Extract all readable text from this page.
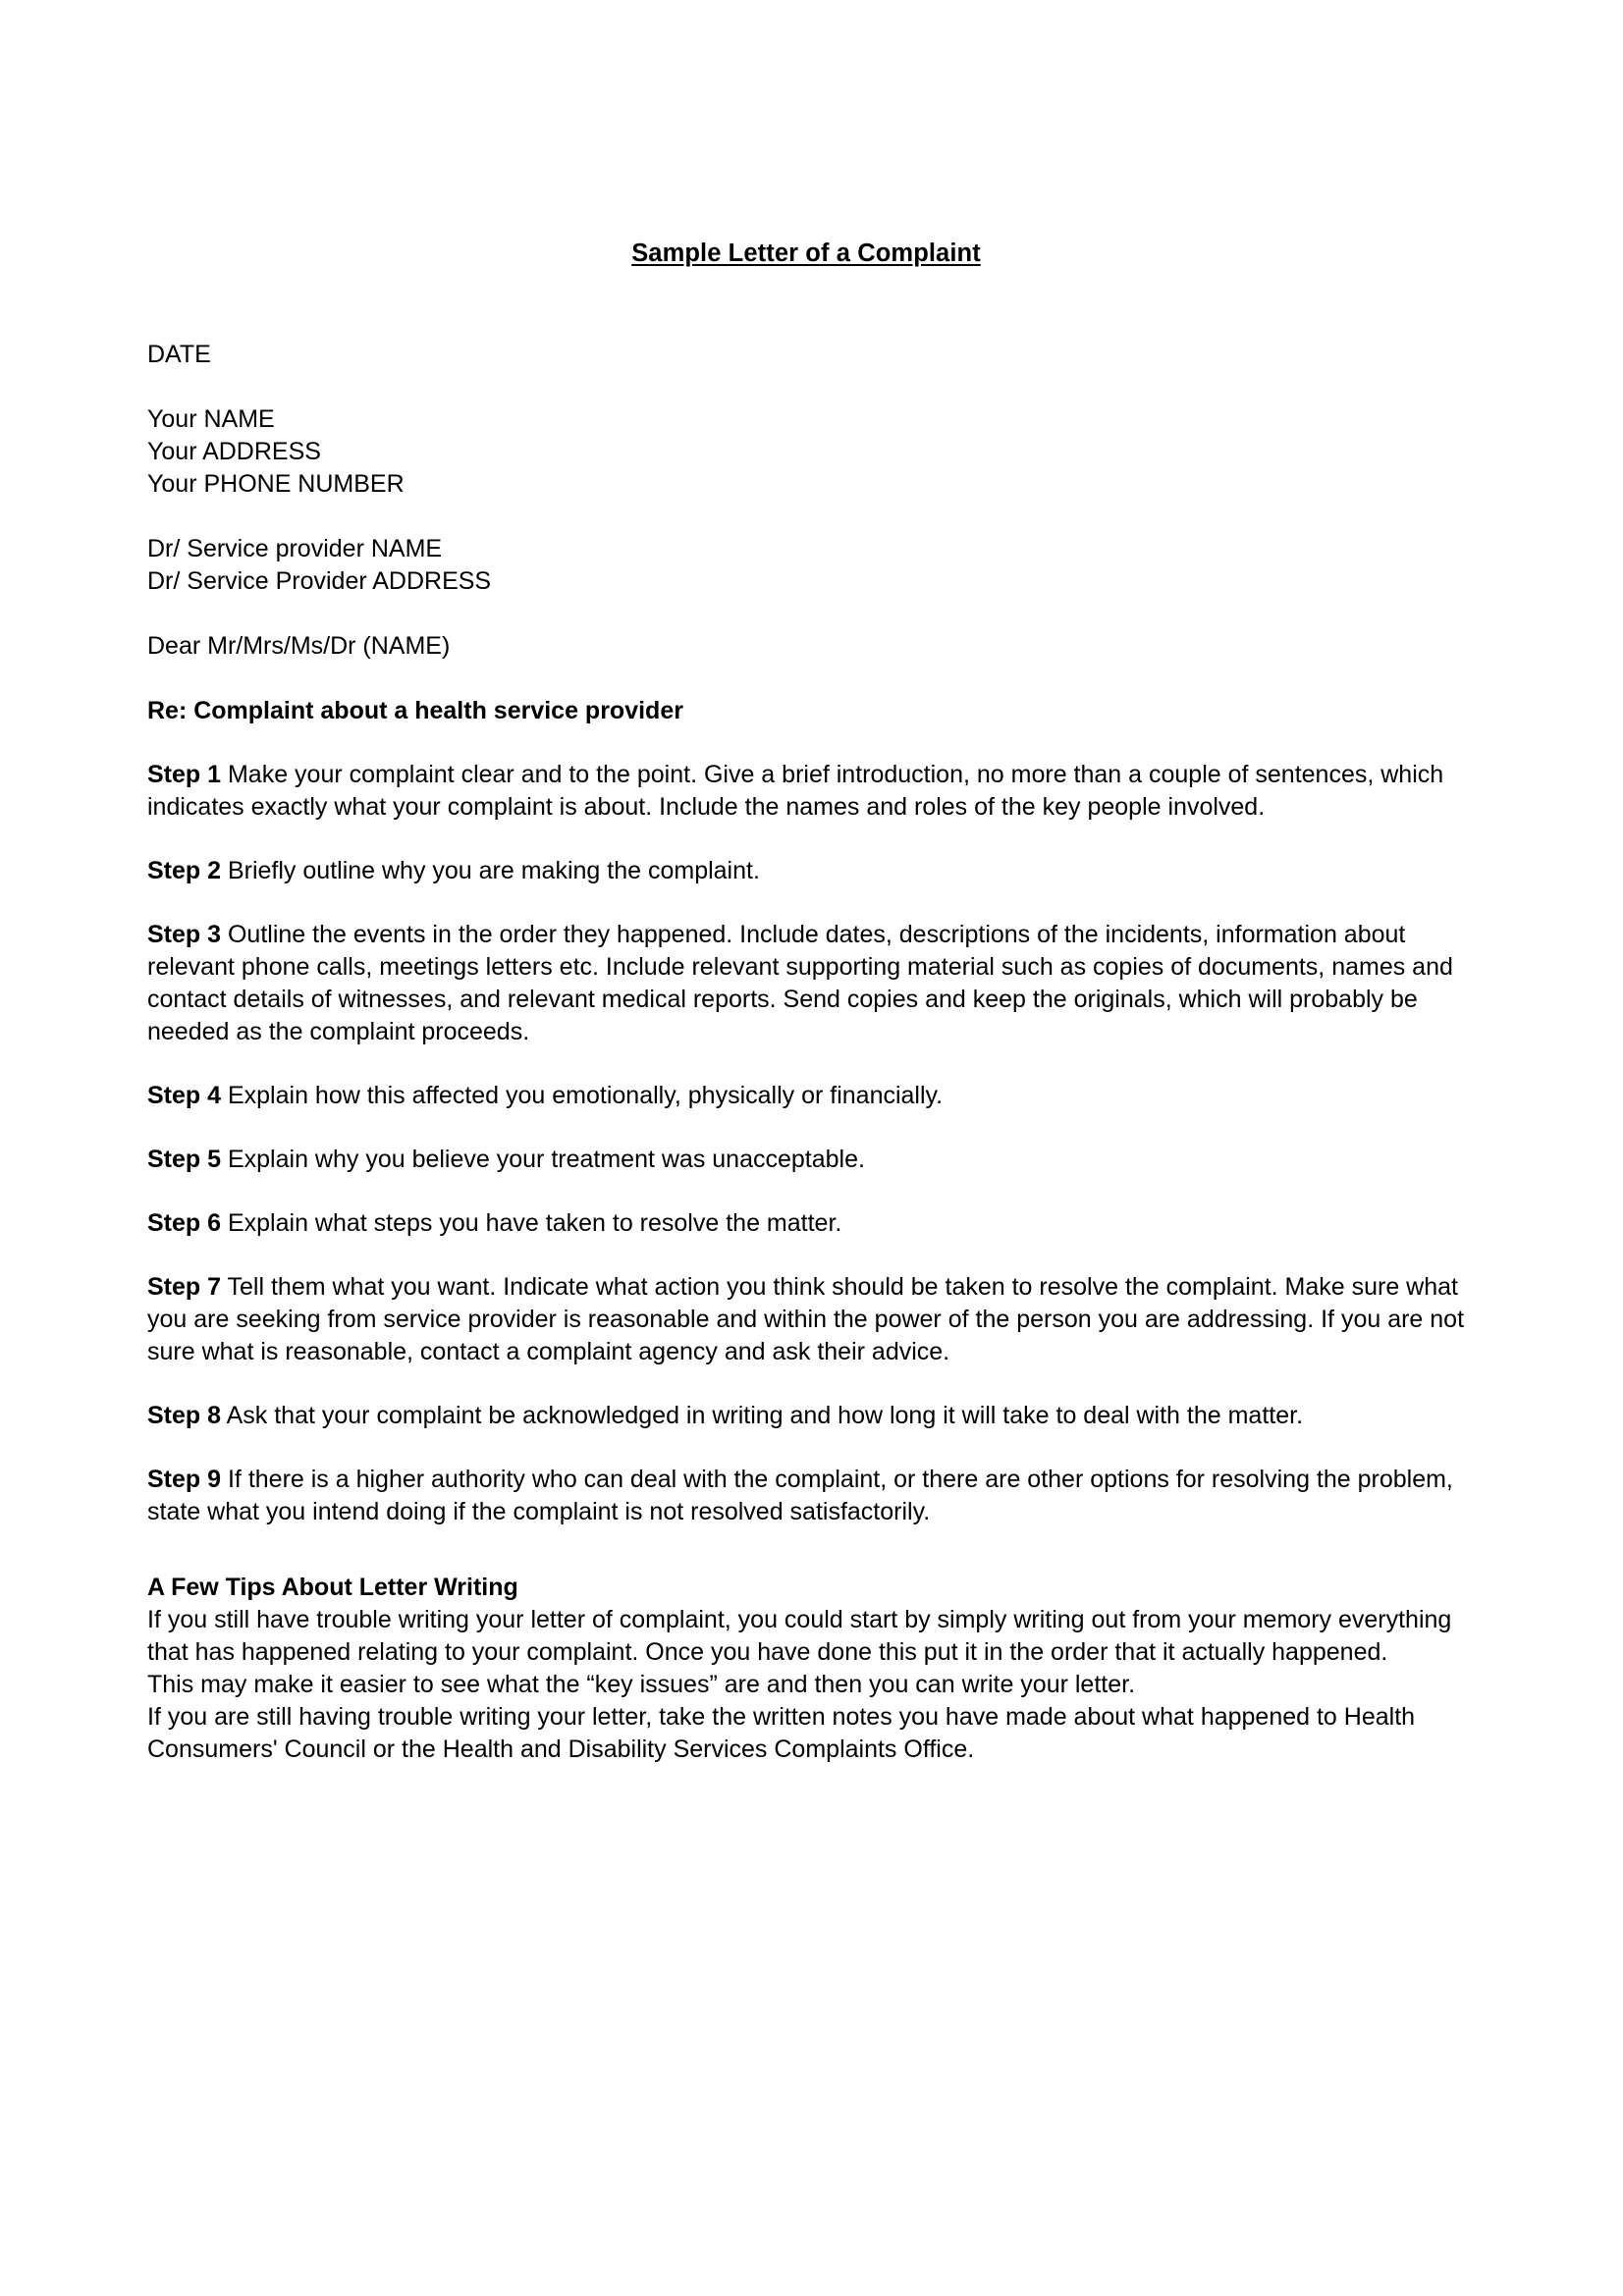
Sample Letter of a Complaint
DATE
Your NAME
Your ADDRESS
Your PHONE NUMBER
Dr/ Service provider NAME
Dr/ Service Provider ADDRESS
Dear Mr/Mrs/Ms/Dr (NAME)
Re: Complaint about a health service provider

Step 1 Make your complaint clear and to the point. Give a brief introduction, no more than a couple of sentences, which indicates exactly what your complaint is about. Include the names and roles of the key people involved.

Step 2 Briefly outline why you are making the complaint.

Step 3 Outline the events in the order they happened. Include dates, descriptions of the incidents, information about relevant phone calls, meetings letters etc. Include relevant supporting material such as copies of documents, names and contact details of witnesses, and relevant medical reports. Send copies and keep the originals, which will probably be needed as the complaint proceeds.

Step 4 Explain how this affected you emotionally, physically or financially.

Step 5 Explain why you believe your treatment was unacceptable.

Step 6 Explain what steps you have taken to resolve the matter.

Step 7 Tell them what you want. Indicate what action you think should be taken to resolve the complaint. Make sure what you are seeking from service provider is reasonable and within the power of the person you are addressing. If you are not sure what is reasonable, contact a complaint agency and ask their advice.

Step 8 Ask that your complaint be acknowledged in writing and how long it will take to deal with the matter.

Step 9 If there is a higher authority who can deal with the complaint, or there are other options for resolving the problem, state what you intend doing if the complaint is not resolved satisfactorily.

A Few Tips About Letter Writing

If you still have trouble writing your letter of complaint, you could start by simply writing out from your memory everything that has happened relating to your complaint. Once you have done this put it in the order that it actually happened.

This may make it easier to see what the “key issues” are and then you can write your letter.

If you are still having trouble writing your letter, take the written notes you have made about what happened to Health Consumers' Council or the Health and Disability Services Complaints Office.
